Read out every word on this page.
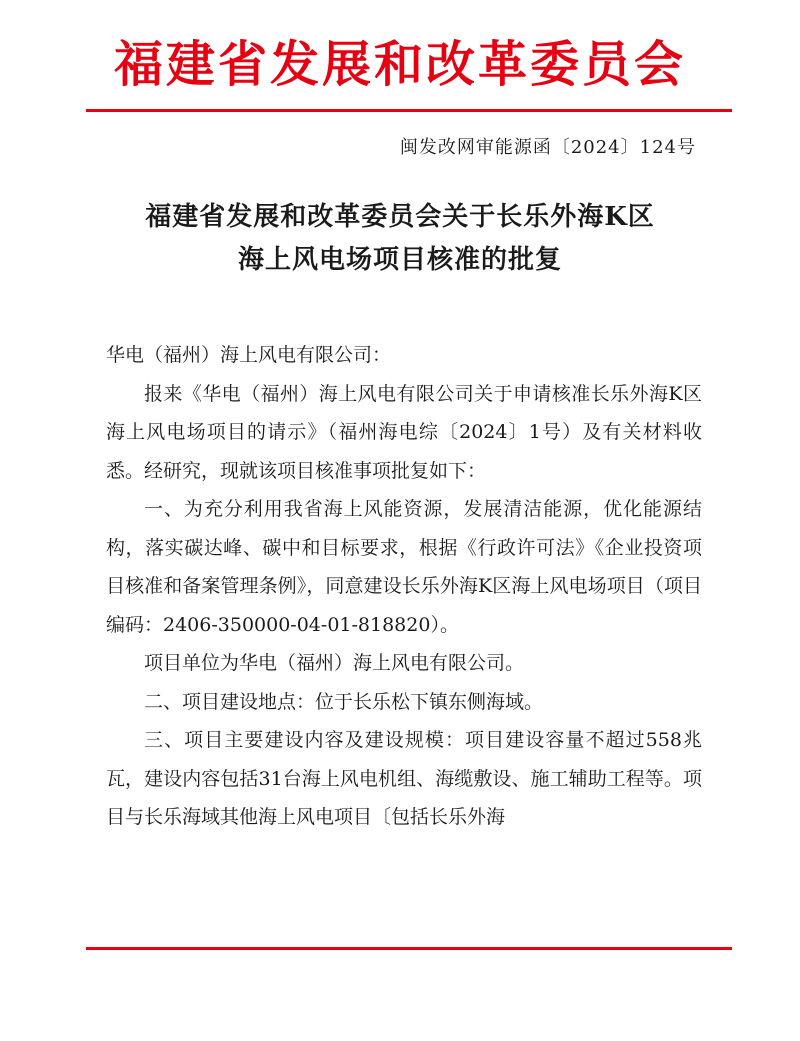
福建省发展和改革委员会
闽发改网审能源函〔2024〕124号
福建省发展和改革委员会关于长乐外海K区
海上风电场项目核准的批复

华电（福州）海上风电有限公司：

报来《华电（福州）海上风电有限公司关于申请核准长乐外海K区海上风电场项目的请示》（福州海电综〔2024〕1号）及有关材料收悉。经研究，现就该项目核准事项批复如下：

一、为充分利用我省海上风能资源，发展清洁能源，优化能源结构，落实碳达峰、碳中和目标要求，根据《行政许可法》《企业投资项目核准和备案管理条例》，同意建设长乐外海K区海上风电场项目（项目编码：2406-350000-04-01-818820）。

项目单位为华电（福州）海上风电有限公司。

二、项目建设地点：位于长乐松下镇东侧海域。

三、项目主要建设内容及建设规模：项目建设容量不超过558兆瓦，建设内容包括31台海上风电机组、海缆敷设、施工辅助工程等。项目与长乐海域其他海上风电项目〔包括长乐外海
